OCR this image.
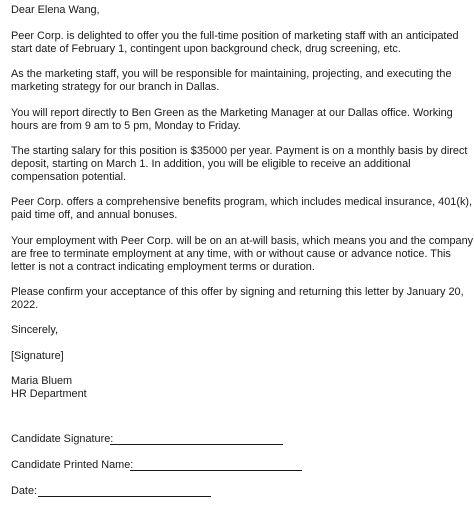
Dear Elena Wang,
Peer Corp. is delighted to offer you the full-time position of marketing staff with an anticipated
start date of February 1, contingent upon background check, drug screening, etc.
As the marketing staff, you will be responsible for maintaining, projecting, and executing the
marketing strategy for our branch in Dallas.
You will report directly to Ben Green as the Marketing Manager at our Dallas office. Working
hours are from 9 am to 5 pm, Monday to Friday.
The starting salary for this position is $35000 per year. Payment is on a monthly basis by direct
deposit, starting on March 1. In addition, you will be eligible to receive an additional
compensation potential.
Peer Corp. offers a comprehensive benefits program, which includes medical insurance, 401(k),
paid time off, and annual bonuses.
Your employment with Peer Corp. will be on an at-will basis, which means you and the company
are free to terminate employment at any time, with or without cause or advance notice. This
letter is not a contract indicating employment terms or duration.
Please confirm your acceptance of this offer by signing and returning this letter by January 20,
2022.
Sincerely,
[Signature]
Maria Bluem
HR Department
Candidate Signature:
Candidate Printed Name:
Date:
